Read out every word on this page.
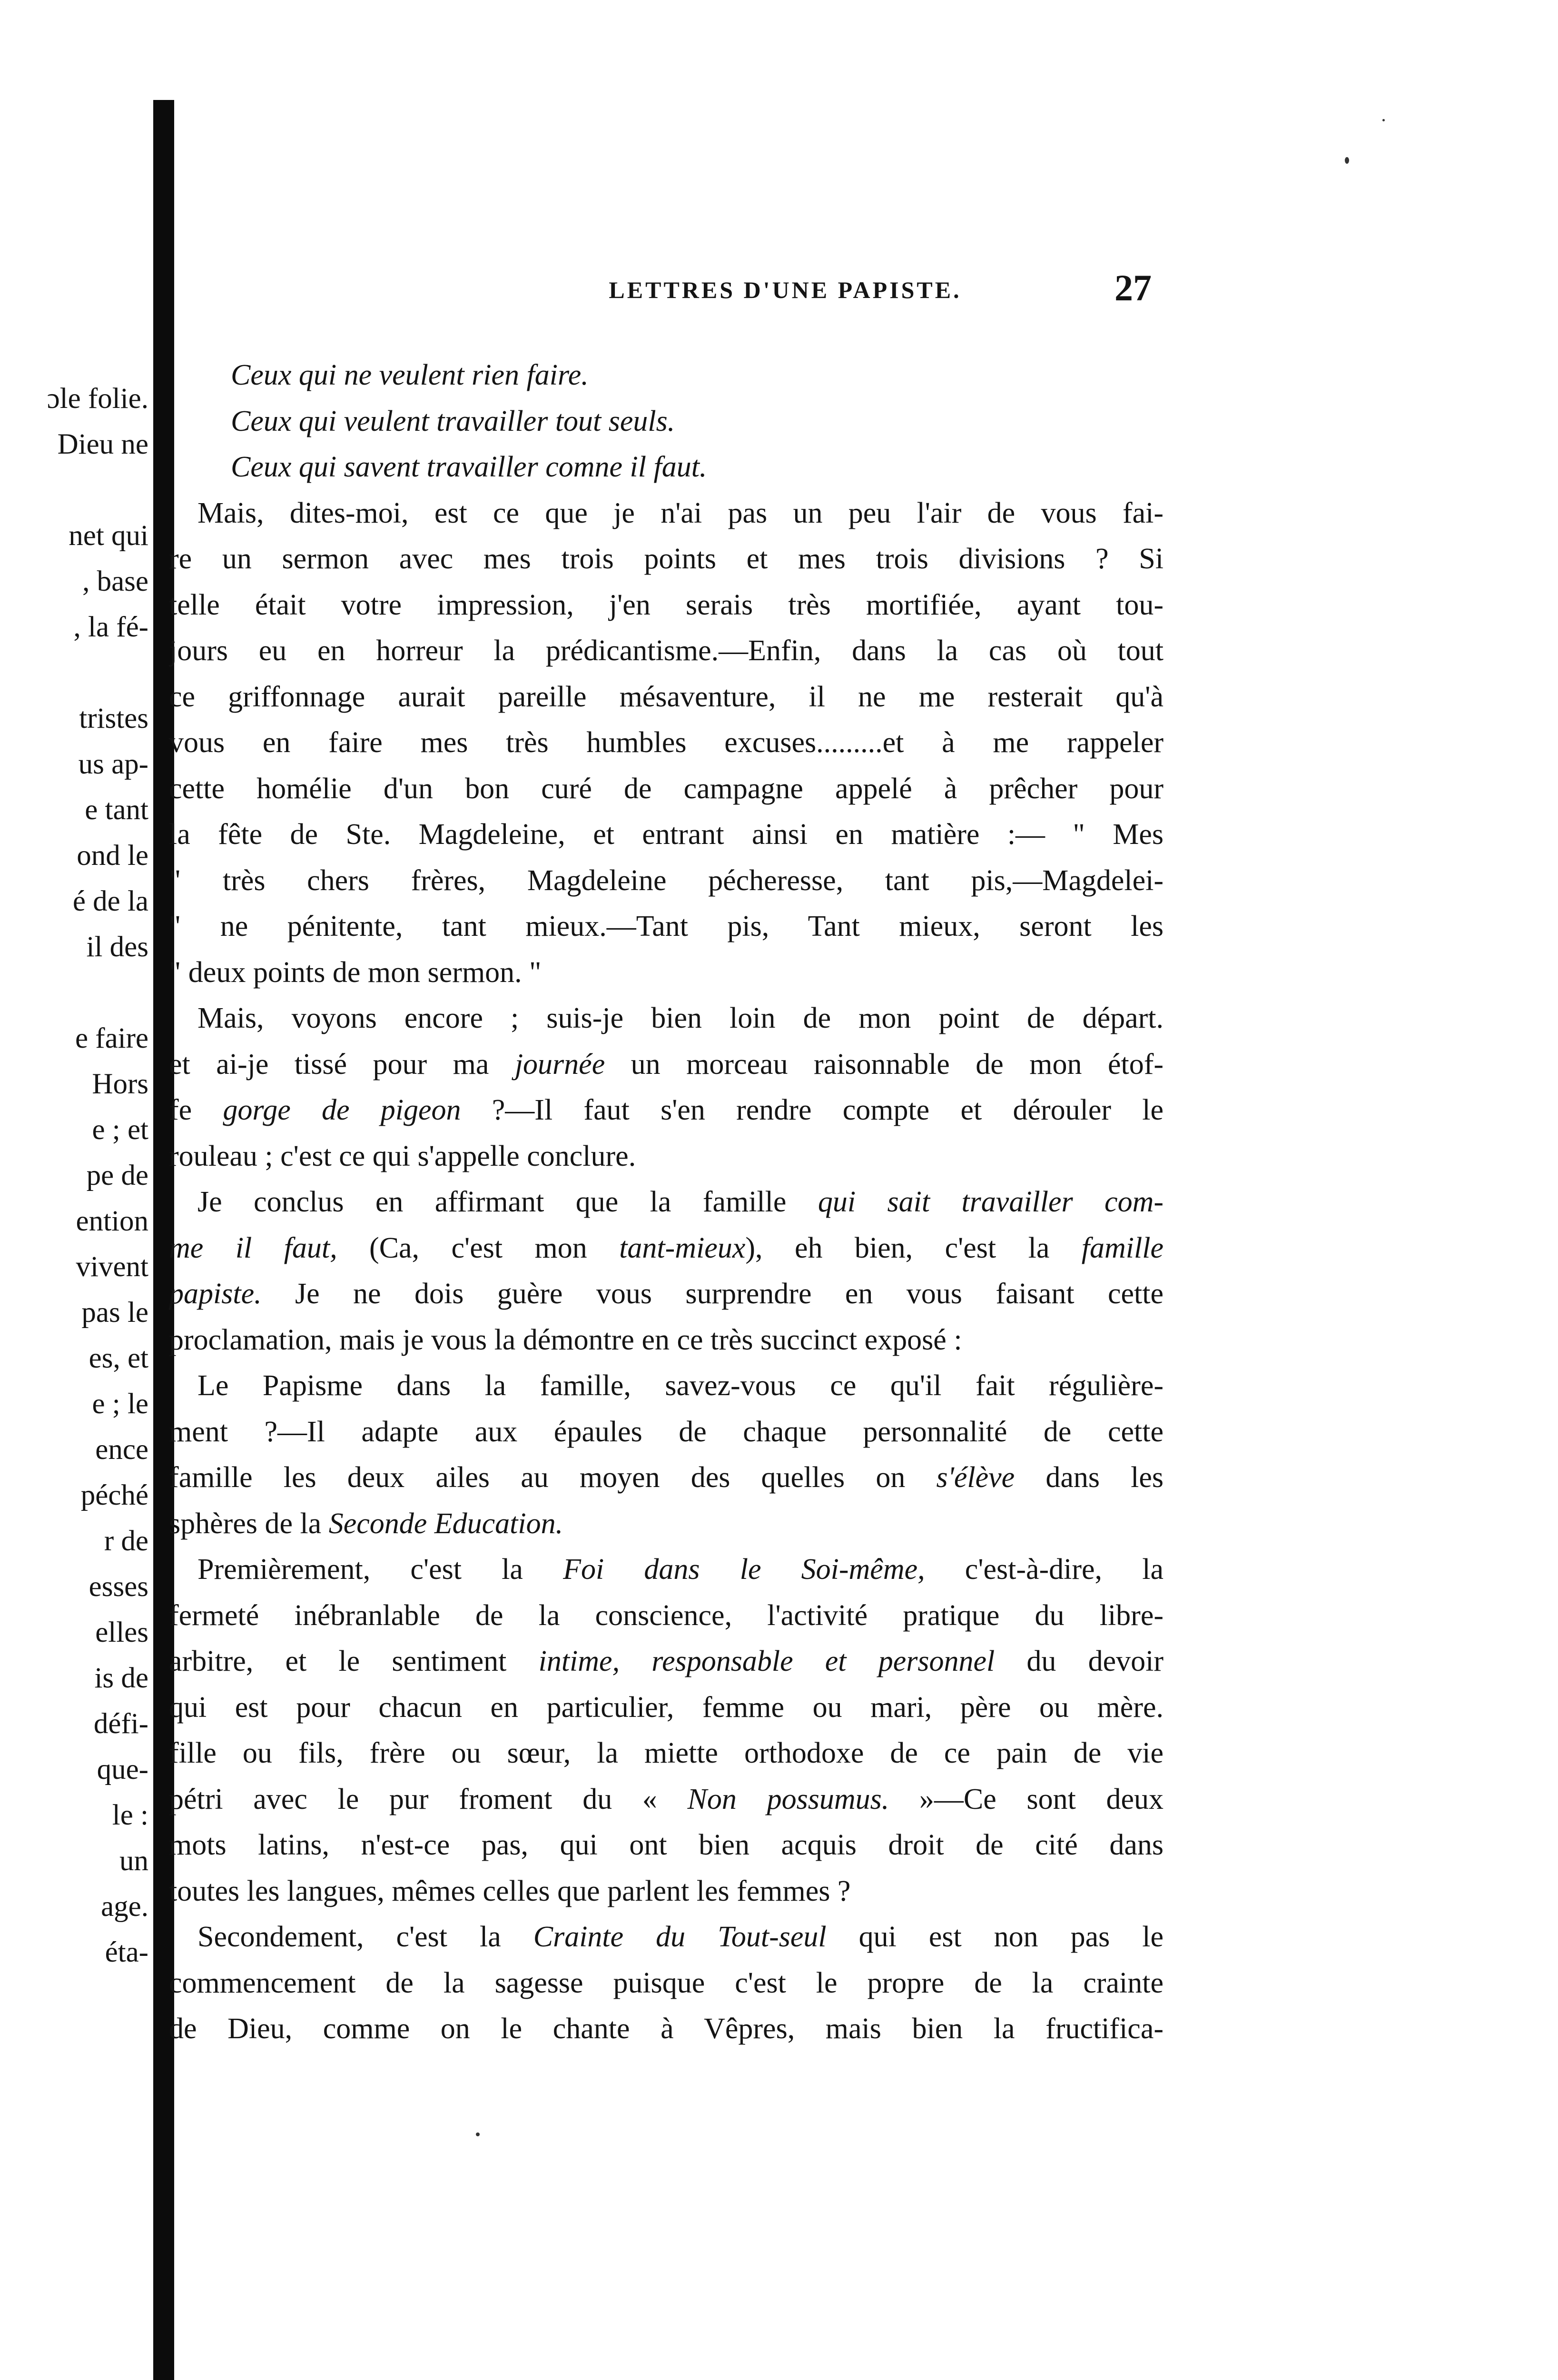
ɔle folie.
Dieu ne
net qui
, base
, la fé-
tristes
us ap-
e tant
ond le
é de la
il des
e faire
Hors
e ; et
pe de
ention
vivent
pas le
es, et
e ; le
ence
péché
r de
esses
elles
is de
défi-
que-
le :
un
age.
éta-
LETTRES D'UNE PAPISTE.	27
Ceux qui ne veulent rien faire.
Ceux qui veulent travailler tout seuls.
Ceux qui savent travailler comne il faut.
Mais, dites-moi, est ce que je n'ai pas un peu l'air de vous fai-
re un sermon avec mes trois points et mes trois divisions ? Si
telle était votre impression, j'en serais très mortifiée, ayant tou-
jours eu en horreur la prédicantisme.—Enfin, dans la cas où tout
ce griffonnage aurait pareille mésaventure, il ne me resterait qu'à
vous en faire mes très humbles excuses.........et à me rappeler
cette homélie d'un bon curé de campagne appelé à prêcher pour
la fête de Ste. Magdeleine, et entrant ainsi en matière :— " Mes
" très chers frères, Magdeleine pécheresse, tant pis,—Magdelei-
" ne pénitente, tant mieux.—Tant pis, Tant mieux, seront les
" deux points de mon sermon. "
Mais, voyons encore ; suis-je bien loin de mon point de départ.
et ai-je tissé pour ma journée un morceau raisonnable de mon étof-
fe gorge de pigeon ?—Il faut s'en rendre compte et dérouler le
rouleau ; c'est ce qui s'appelle conclure.
Je conclus en affirmant que la famille qui sait travailler com-
me il faut, (Ca, c'est mon tant-mieux), eh bien, c'est la famille
papiste. Je ne dois guère vous surprendre en vous faisant cette
proclamation, mais je vous la démontre en ce très succinct exposé :
Le Papisme dans la famille, savez-vous ce qu'il fait régulière-
ment ?—Il adapte aux épaules de chaque personnalité de cette
famille les deux ailes au moyen des quelles on s'élève dans les
sphères de la Seconde Education.
Premièrement, c'est la Foi dans le Soi-même, c'est-à-dire, la
fermeté inébranlable de la conscience, l'activité pratique du libre-
arbitre, et le sentiment intime, responsable et personnel du devoir
qui est pour chacun en particulier, femme ou mari, père ou mère.
fille ou fils, frère ou sœur, la miette orthodoxe de ce pain de vie
pétri avec le pur froment du « Non possumus. »—Ce sont deux
mots latins, n'est-ce pas, qui ont bien acquis droit de cité dans
toutes les langues, mêmes celles que parlent les femmes ?
Secondement, c'est la Crainte du Tout-seul qui est non pas le
commencement de la sagesse puisque c'est le propre de la crainte
de Dieu, comme on le chante à Vêpres, mais bien la fructifica-
